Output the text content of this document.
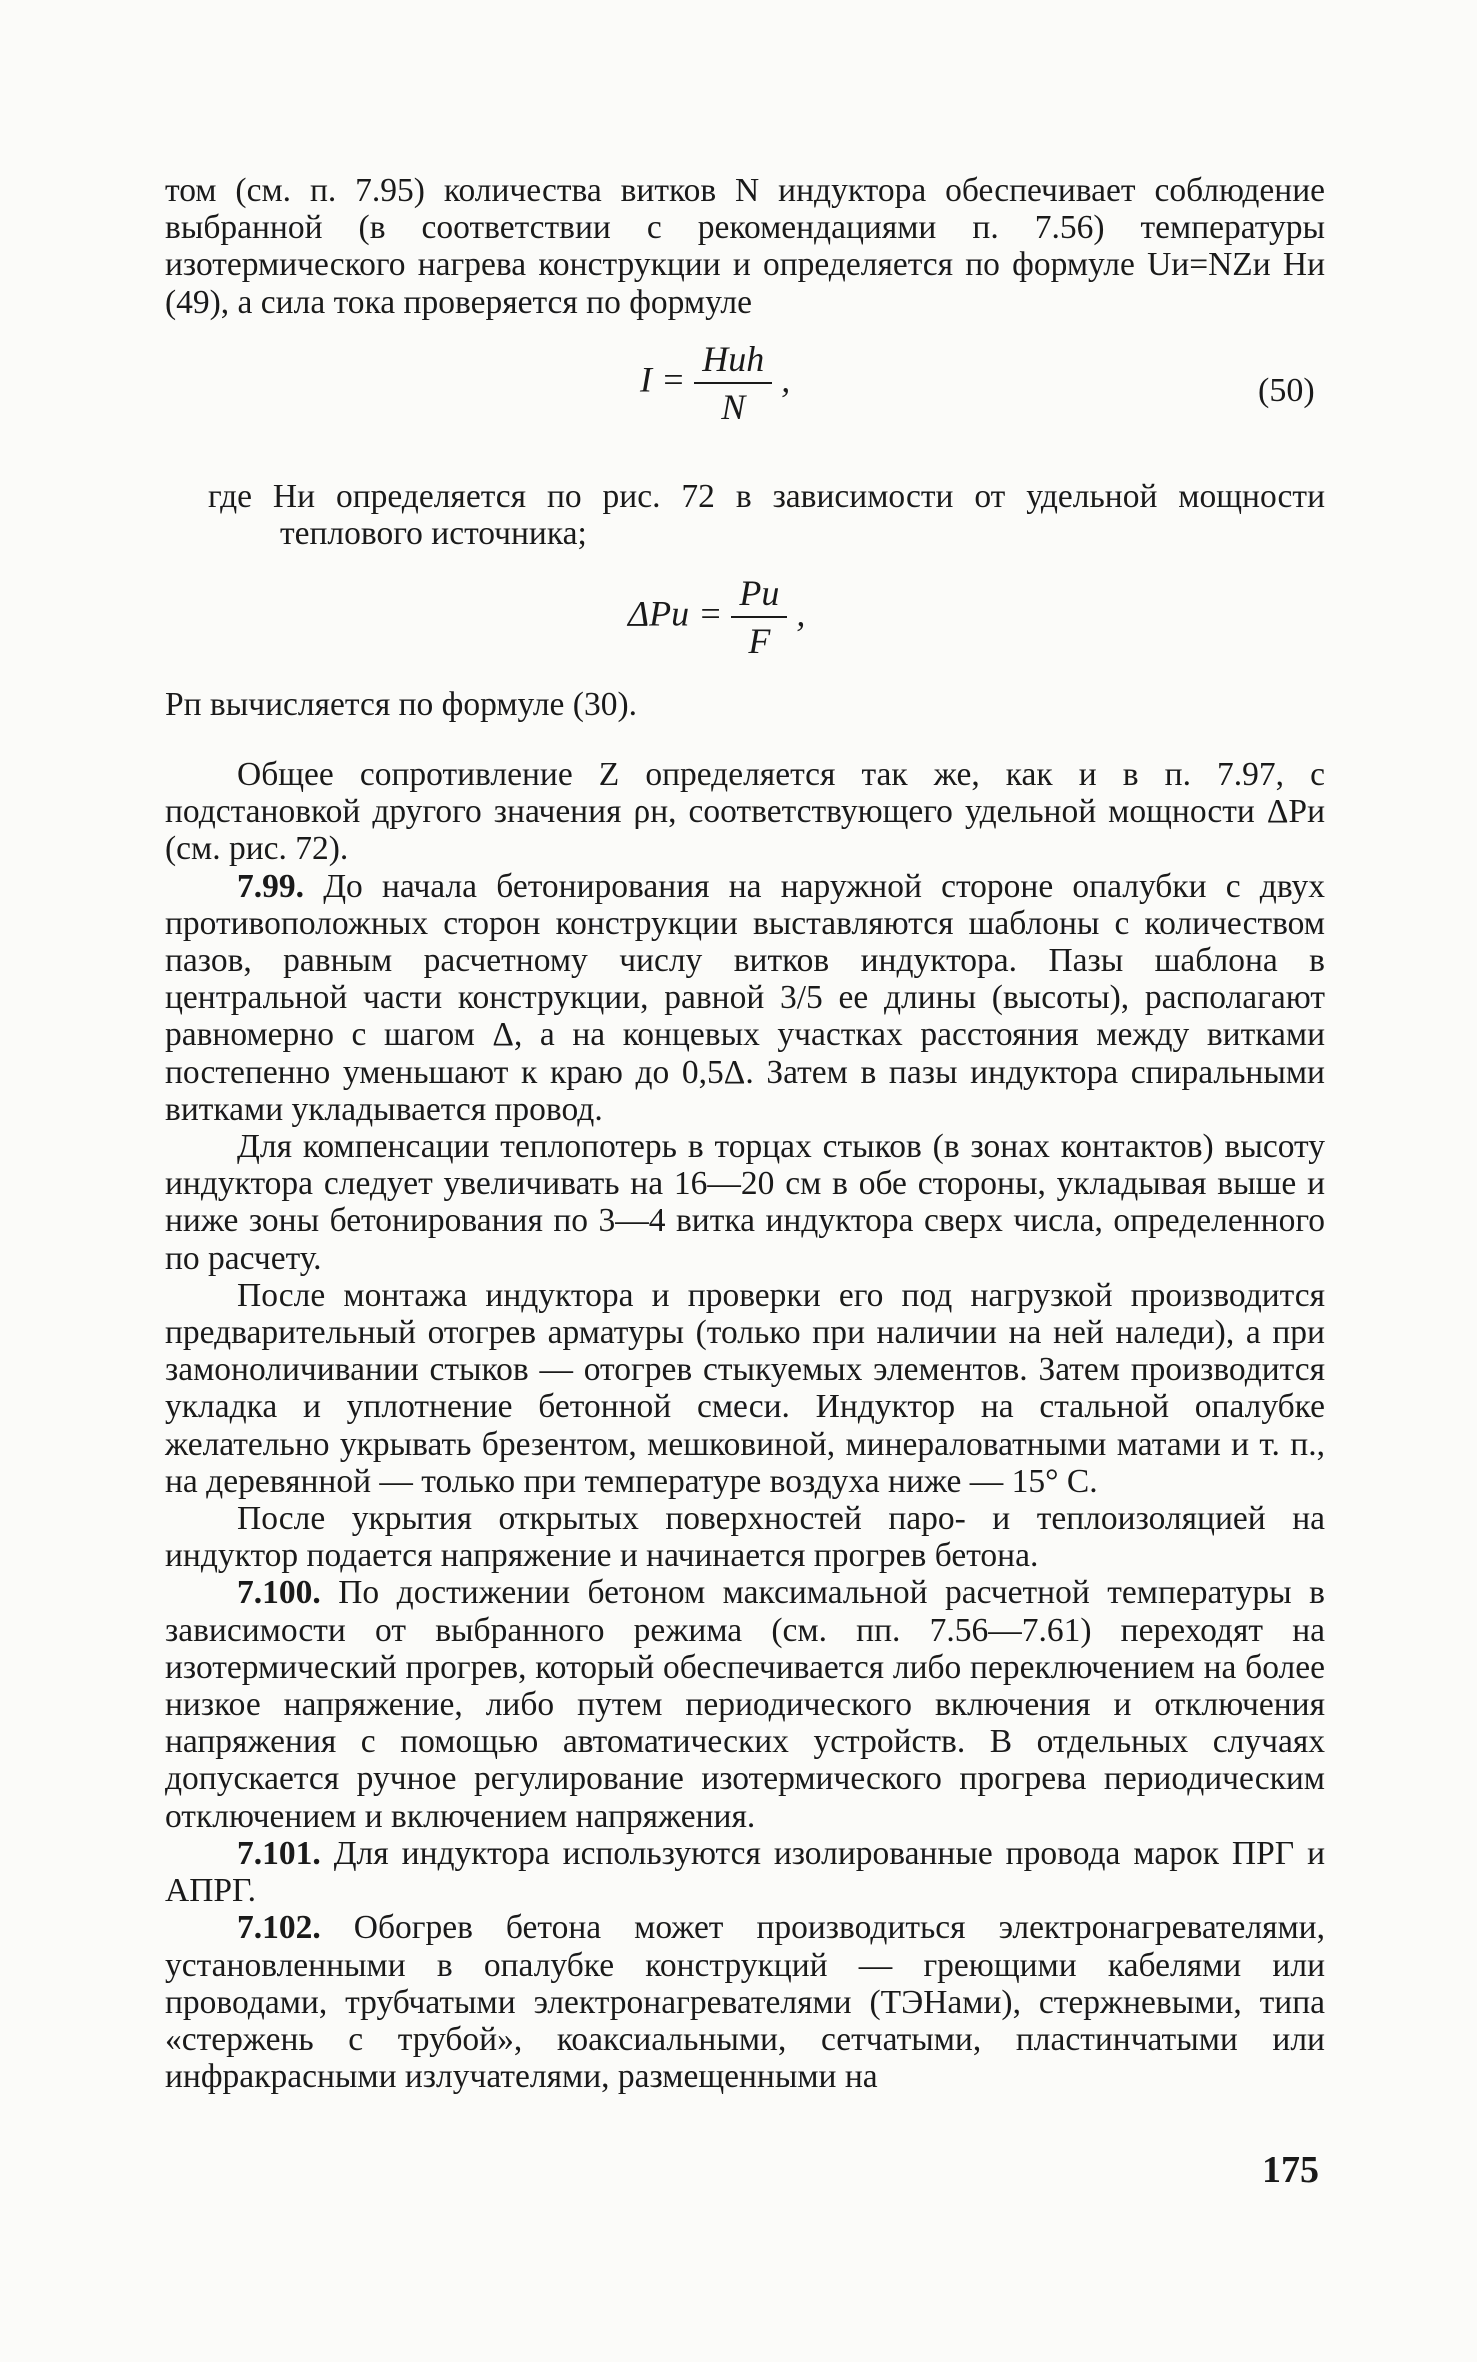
том (см. п. 7.95) количества витков N индуктора обеспечивает соблюдение выбранной (в соответствии с рекомендациями п. 7.56) температуры изотермического нагрева конструкции и определяется по формуле Uи=NZи Hи (49), а сила тока проверяется по формуле

$I = \frac{\text{Hиh}}{N}$ ,	(50)

где Hи определяется по рис. 72 в зависимости от удельной мощности теплового источника;

$\Delta Pи = \frac{Pи}{F}$ ,

Pп вычисляется по формуле (30).

Общее сопротивление Z определяется так же, как и в п. 7.97, с подстановкой другого значения ρн, соответствующего удельной мощности ΔPи (см. рис. 72).

7.99. До начала бетонирования на наружной стороне опалубки с двух противоположных сторон конструкции выставляются шаблоны с количеством пазов, равным расчетному числу витков индуктора. Пазы шаблона в центральной части конструкции, равной 3/5 ее длины (высоты), располагают равномерно с шагом Δ, а на концевых участках расстояния между витками постепенно уменьшают к краю до 0,5Δ. Затем в пазы индуктора спиральными витками укладывается провод.

Для компенсации теплопотерь в торцах стыков (в зонах контактов) высоту индуктора следует увеличивать на 16—20 см в обе стороны, укладывая выше и ниже зоны бетонирования по 3—4 витка индуктора сверх числа, определенного по расчету.

После монтажа индуктора и проверки его под нагрузкой производится предварительный отогрев арматуры (только при наличии на ней наледи), а при замоноличивании стыков — отогрев стыкуемых элементов. Затем производится укладка и уплотнение бетонной смеси. Индуктор на стальной опалубке желательно укрывать брезентом, мешковиной, минераловатными матами и т. п., на деревянной — только при температуре воздуха ниже — 15° С.

После укрытия открытых поверхностей паро- и теплоизоляцией на индуктор подается напряжение и начинается прогрев бетона.

7.100. По достижении бетоном максимальной расчетной температуры в зависимости от выбранного режима (см. пп. 7.56—7.61) переходят на изотермический прогрев, который обеспечивается либо переключением на более низкое напряжение, либо путем периодического включения и отключения напряжения с помощью автоматических устройств. В отдельных случаях допускается ручное регулирование изотермического прогрева периодическим отключением и включением напряжения.

7.101. Для индуктора используются изолированные провода марок ПРГ и АПРГ.

7.102. Обогрев бетона может производиться электронагревателями, установленными в опалубке конструкций — греющими кабелями или проводами, трубчатыми электронагревателями (ТЭНами), стержневыми, типа «стержень с трубой», коаксиальными, сетчатыми, пластинчатыми или инфракрасными излучателями, размещенными на

175
